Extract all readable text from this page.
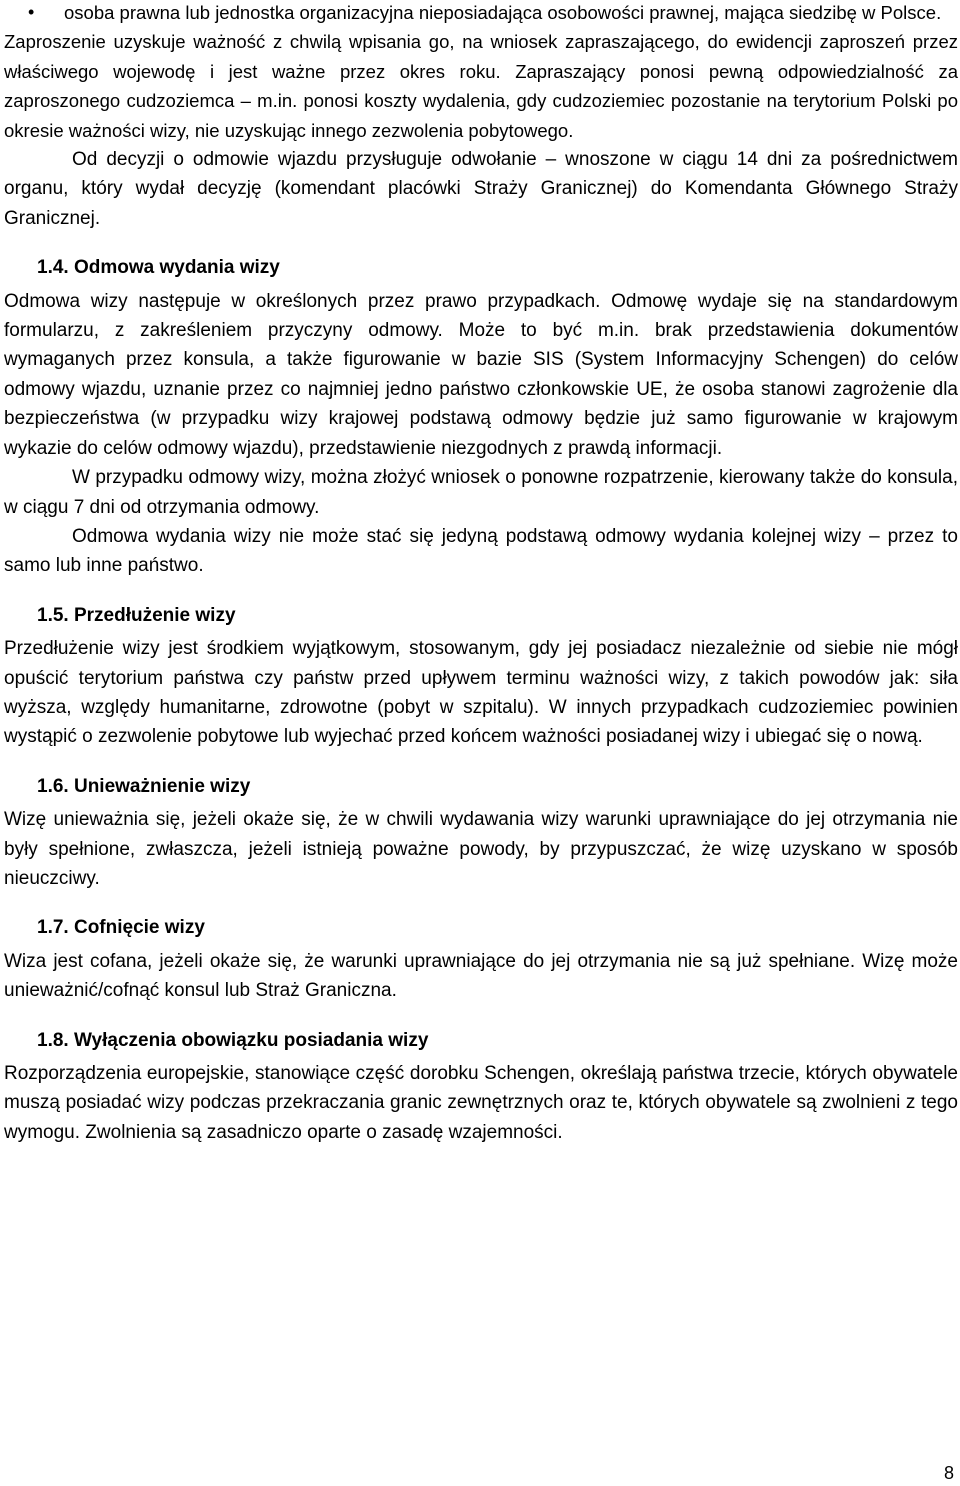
•	osoba prawna lub jednostka organizacyjna nieposiadająca osobowości prawnej, mająca siedzibę w Polsce.

Zaproszenie uzyskuje ważność z chwilą wpisania go, na wniosek zapraszającego, do ewidencji zaproszeń przez właściwego wojewodę i jest ważne przez okres roku. Zapraszający ponosi pewną odpowiedzialność za zaproszonego cudzoziemca – m.in. ponosi koszty wydalenia, gdy cudzoziemiec pozostanie na terytorium Polski po okresie ważności wizy, nie uzyskując innego zezwolenia pobytowego.

Od decyzji o odmowie wjazdu przysługuje odwołanie – wnoszone w ciągu 14 dni za pośrednictwem organu, który wydał decyzję (komendant placówki Straży Granicznej) do Komendanta Głównego Straży Granicznej.

1.4. Odmowa wydania wizy

Odmowa wizy następuje w określonych przez prawo przypadkach. Odmowę wydaje się na standardowym formularzu, z zakreśleniem przyczyny odmowy. Może to być m.in. brak przedstawienia dokumentów wymaganych przez konsula, a także figurowanie w bazie SIS (System Informacyjny Schengen) do celów odmowy wjazdu, uznanie przez co najmniej jedno państwo członkowskie UE, że osoba stanowi zagrożenie dla bezpieczeństwa (w przypadku wizy krajowej podstawą odmowy będzie już samo figurowanie w krajowym wykazie do celów odmowy wjazdu), przedstawienie niezgodnych z prawdą informacji.

W przypadku odmowy wizy, można złożyć wniosek o ponowne rozpatrzenie, kierowany także do konsula, w ciągu 7 dni od otrzymania odmowy.

Odmowa wydania wizy nie może stać się jedyną podstawą odmowy wydania kolejnej wizy – przez to samo lub inne państwo.

1.5. Przedłużenie wizy

Przedłużenie wizy jest środkiem wyjątkowym, stosowanym, gdy jej posiadacz niezależnie od siebie nie mógł opuścić terytorium państwa czy państw przed upływem terminu ważności wizy, z takich powodów jak: siła wyższa, względy humanitarne, zdrowotne (pobyt w szpitalu). W innych przypadkach cudzoziemiec powinien wystąpić o zezwolenie pobytowe lub wyjechać przed końcem ważności posiadanej wizy i ubiegać się o nową.

1.6. Unieważnienie wizy

Wizę unieważnia się, jeżeli okaże się, że w chwili wydawania wizy warunki uprawniające do jej otrzymania nie były spełnione, zwłaszcza, jeżeli istnieją poważne powody, by przypuszczać, że wizę uzyskano w sposób nieuczciwy.

1.7. Cofnięcie wizy

Wiza jest cofana, jeżeli okaże się, że warunki uprawniające do jej otrzymania nie są już spełniane. Wizę może unieważnić/cofnąć konsul lub Straż Graniczna.

1.8. Wyłączenia obowiązku posiadania wizy

Rozporządzenia europejskie, stanowiące część dorobku Schengen, określają państwa trzecie, których obywatele muszą posiadać wizy podczas przekraczania granic zewnętrznych oraz te, których obywatele są zwolnieni z tego wymogu. Zwolnienia są zasadniczo oparte o zasadę wzajemności.

8
